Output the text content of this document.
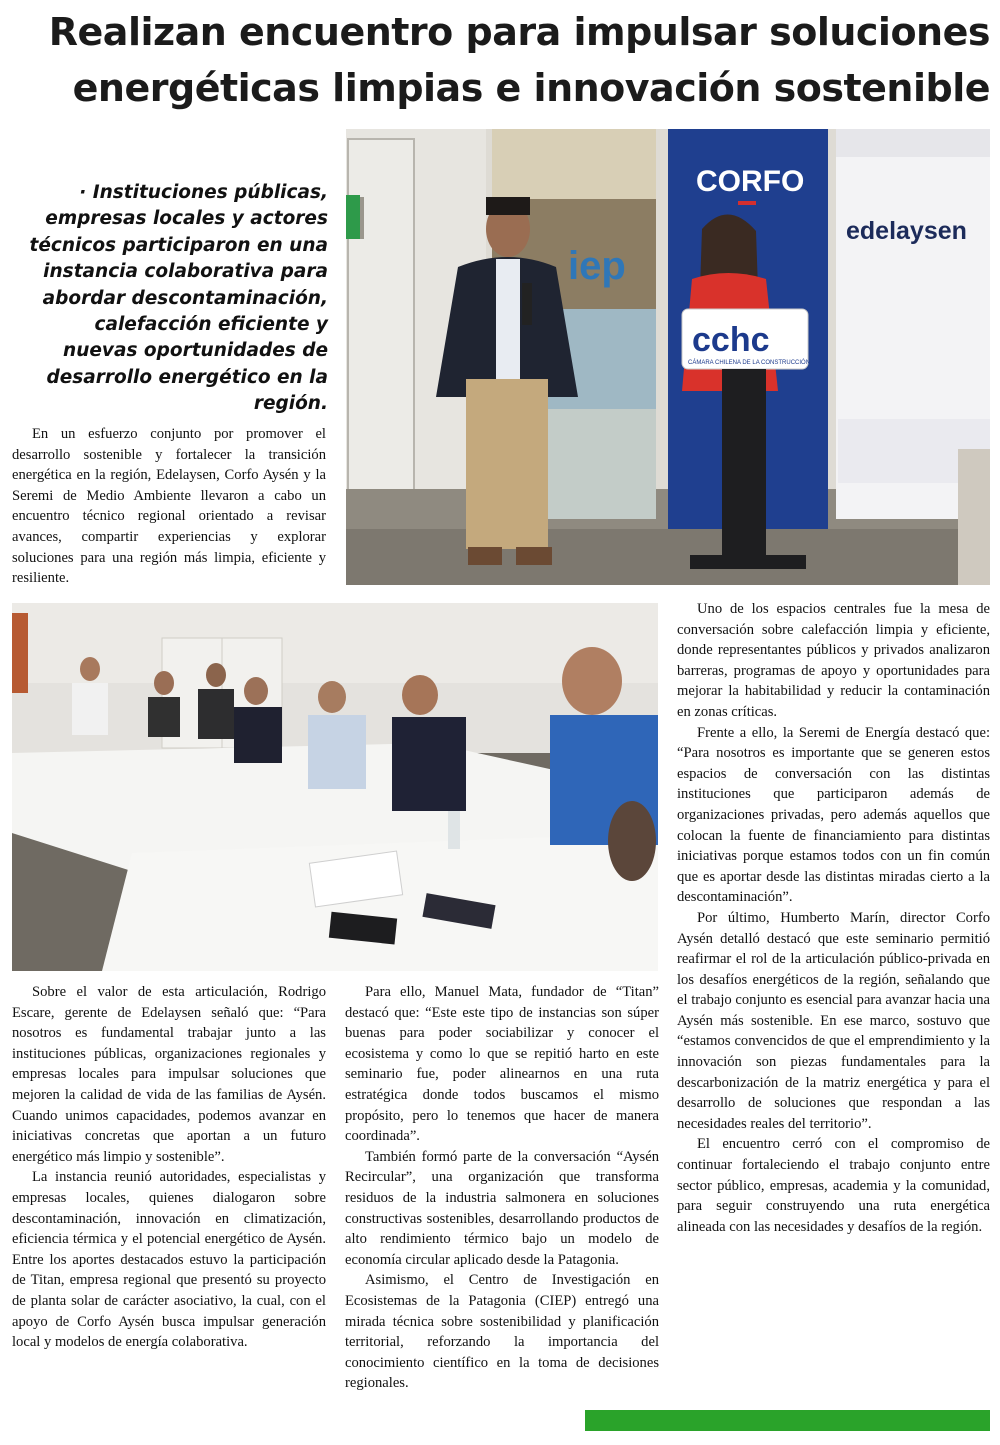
Realizan encuentro para impulsar soluciones
energéticas limpias e innovación sostenible
iep
CORFO
edelaysen
cchc
CÁMARA CHILENA DE LA CONSTRUCCIÓN
· Instituciones públicas, empresas locales y actores técnicos participaron en una instancia colaborativa para abordar descontaminación, calefacción eficiente y nuevas oportunidades de desarrollo energético en la región.

En un esfuerzo conjunto por promover el desarrollo sostenible y fortalecer la transición energética en la región, Edelaysen, Corfo Aysén y la Seremi de Medio Ambiente llevaron a cabo un encuentro técnico regional orientado a revisar avances, compartir experiencias y explorar soluciones para una región más limpia, eficiente y resiliente.

Uno de los espacios centrales fue la mesa de conversación sobre calefacción limpia y eficiente, donde representantes públicos y privados analizaron barreras, programas de apoyo y oportunidades para mejorar la habitabilidad y reducir la contaminación en zonas críticas.

Frente a ello, la Seremi de Energía destacó que: “Para nosotros es importante que se generen estos espacios de conversación con las distintas instituciones que participaron además de organizaciones privadas, pero además aquellos que colocan la fuente de financiamiento para distintas iniciativas porque estamos todos con un fin común que es aportar desde las distintas miradas cierto a la descontaminación”.

Por último, Humberto Marín, director Corfo Aysén detalló destacó que este seminario permitió reafirmar el rol de la articulación público-privada en los desafíos energéticos de la región, señalando que el trabajo conjunto es esencial para avanzar hacia una Aysén más sostenible. En ese marco, sostuvo que “estamos convencidos de que el emprendimiento y la innovación son piezas fundamentales para la descarbonización de la matriz energética y para el desarrollo de soluciones que respondan a las necesidades reales del territorio”.

El encuentro cerró con el compromiso de continuar fortaleciendo el trabajo conjunto entre sector público, empresas, academia y la comunidad, para seguir construyendo una ruta energética alineada con las necesidades y desafíos de la región.

Sobre el valor de esta articulación, Rodrigo Escare, gerente de Edelaysen señaló que: “Para nosotros es fundamental trabajar junto a las instituciones públicas, organizaciones regionales y empresas locales para impulsar soluciones que mejoren la calidad de vida de las familias de Aysén. Cuando unimos capacidades, podemos avanzar en iniciativas concretas que aportan a un futuro energético más limpio y sostenible”.

La instancia reunió autoridades, especialistas y empresas locales, quienes dialogaron sobre descontaminación, innovación en climatización, eficiencia térmica y el potencial energético de Aysén. Entre los aportes destacados estuvo la participación de Titan, empresa regional que presentó su proyecto de planta solar de carácter asociativo, la cual, con el apoyo de Corfo Aysén busca impulsar generación local y modelos de energía colaborativa.

Para ello, Manuel Mata, fundador de “Titan” destacó que: “Este este tipo de instancias son súper buenas para poder sociabilizar y conocer el ecosistema y como lo que se repitió harto en este seminario fue, poder alinearnos en una ruta estratégica donde todos buscamos el mismo propósito, pero lo tenemos que hacer de manera coordinada”.

También formó parte de la conversación “Aysén Recircular”, una organización que transforma residuos de la industria salmonera en soluciones constructivas sostenibles, desarrollando productos de alto rendimiento térmico bajo un modelo de economía circular aplicado desde la Patagonia.

Asimismo, el Centro de Investigación en Ecosistemas de la Patagonia (CIEP) entregó una mirada técnica sobre sostenibilidad y planificación territorial, reforzando la importancia del conocimiento científico en la toma de decisiones regionales.
